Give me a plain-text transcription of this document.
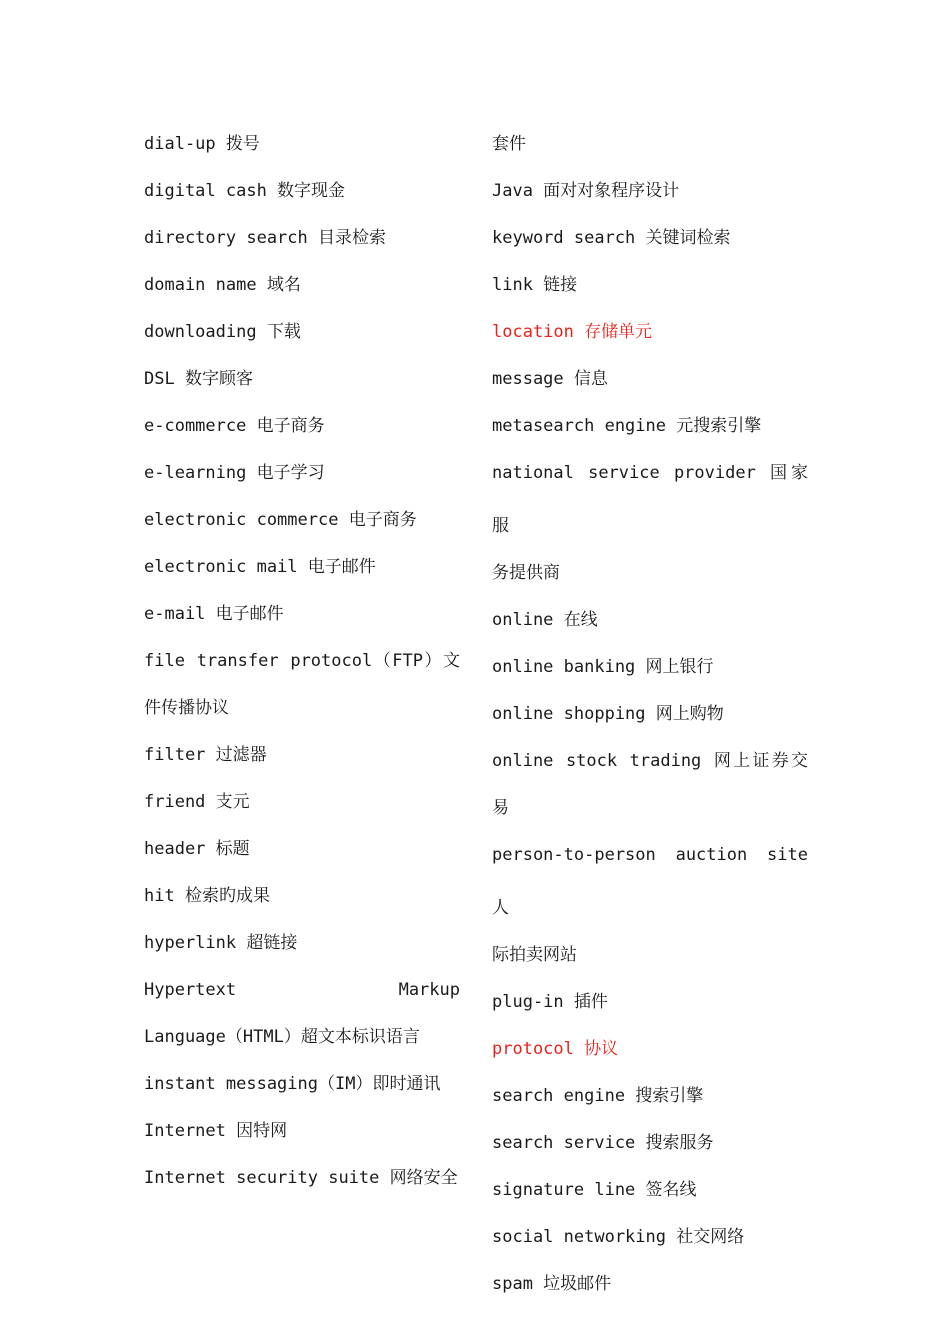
dial-up 拨号
digital cash 数字现金
directory search 目录检索
domain name 域名
downloading 下载
DSL 数字顾客
e-commerce 电子商务
e-learning 电子学习
electronic commerce 电子商务
electronic mail 电子邮件
e-mail 电子邮件
file transfer protocol（FTP）文
件传播协议
filter 过滤器
friend 支元
header 标题
hit 检索旳成果
hyperlink 超链接
Hypertext Markup
Language（HTML）超文本标识语言
instant messaging（IM）即时通讯
Internet 因特网
Internet security suite 网络安全
套件
Java 面对对象程序设计
keyword search 关键词检索
link 链接
location 存储单元
message 信息
metasearch engine 元搜索引擎
national service provider 国家服
务提供商
online 在线
online banking 网上银行
online shopping 网上购物
online stock trading 网上证券交
易
person-to-person auction site 人
际拍卖网站
plug-in 插件
protocol 协议
search engine 搜索引擎
search service 搜索服务
signature line 签名线
social networking 社交网络
spam 垃圾邮件
